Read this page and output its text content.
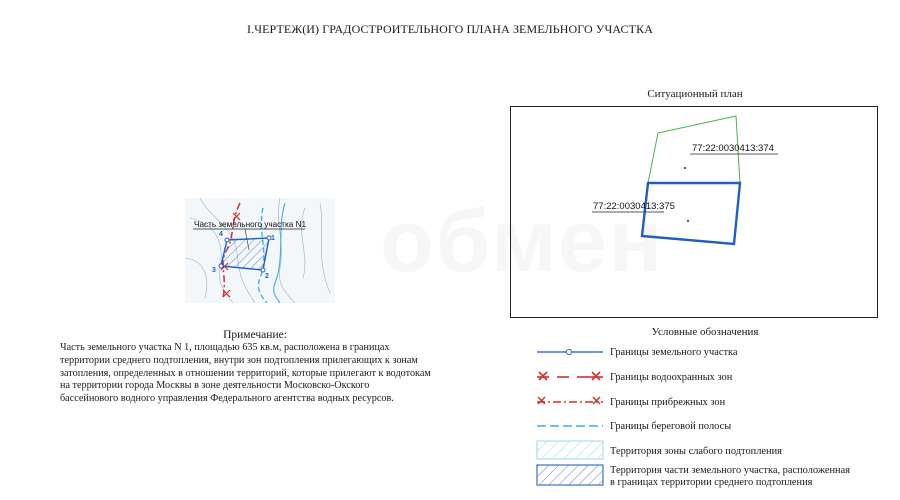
I.ЧЕРТЕЖ(И) ГРАДОСТРОИТЕЛЬНОГО ПЛАНА ЗЕМЕЛЬНОГО УЧАСТКА
Часть земельного участка N1
1
2
3
4
Ситуационный план
77:22:0030413:374
77:22:0030413:375
Примечание:
Часть земельного участка N 1, площадью 635 кв.м, расположена в границах
территории среднего подтопления, внутри зон подтопления прилегающих к зонам
затопления, определенных в отношении территорий, которые прилегают к водотокам
на территории города Москвы в зоне деятельности Московско-Окского
бассейнового водного управления Федерального агентства водных ресурсов.
Условные обозначения
Границы земельного участка
Границы водоохранных зон
Границы прибрежных зон
Границы береговой полосы
Территория зоны слабого подтопления
Территория части земельного участка, расположенная
в границах территории среднего подтопления
